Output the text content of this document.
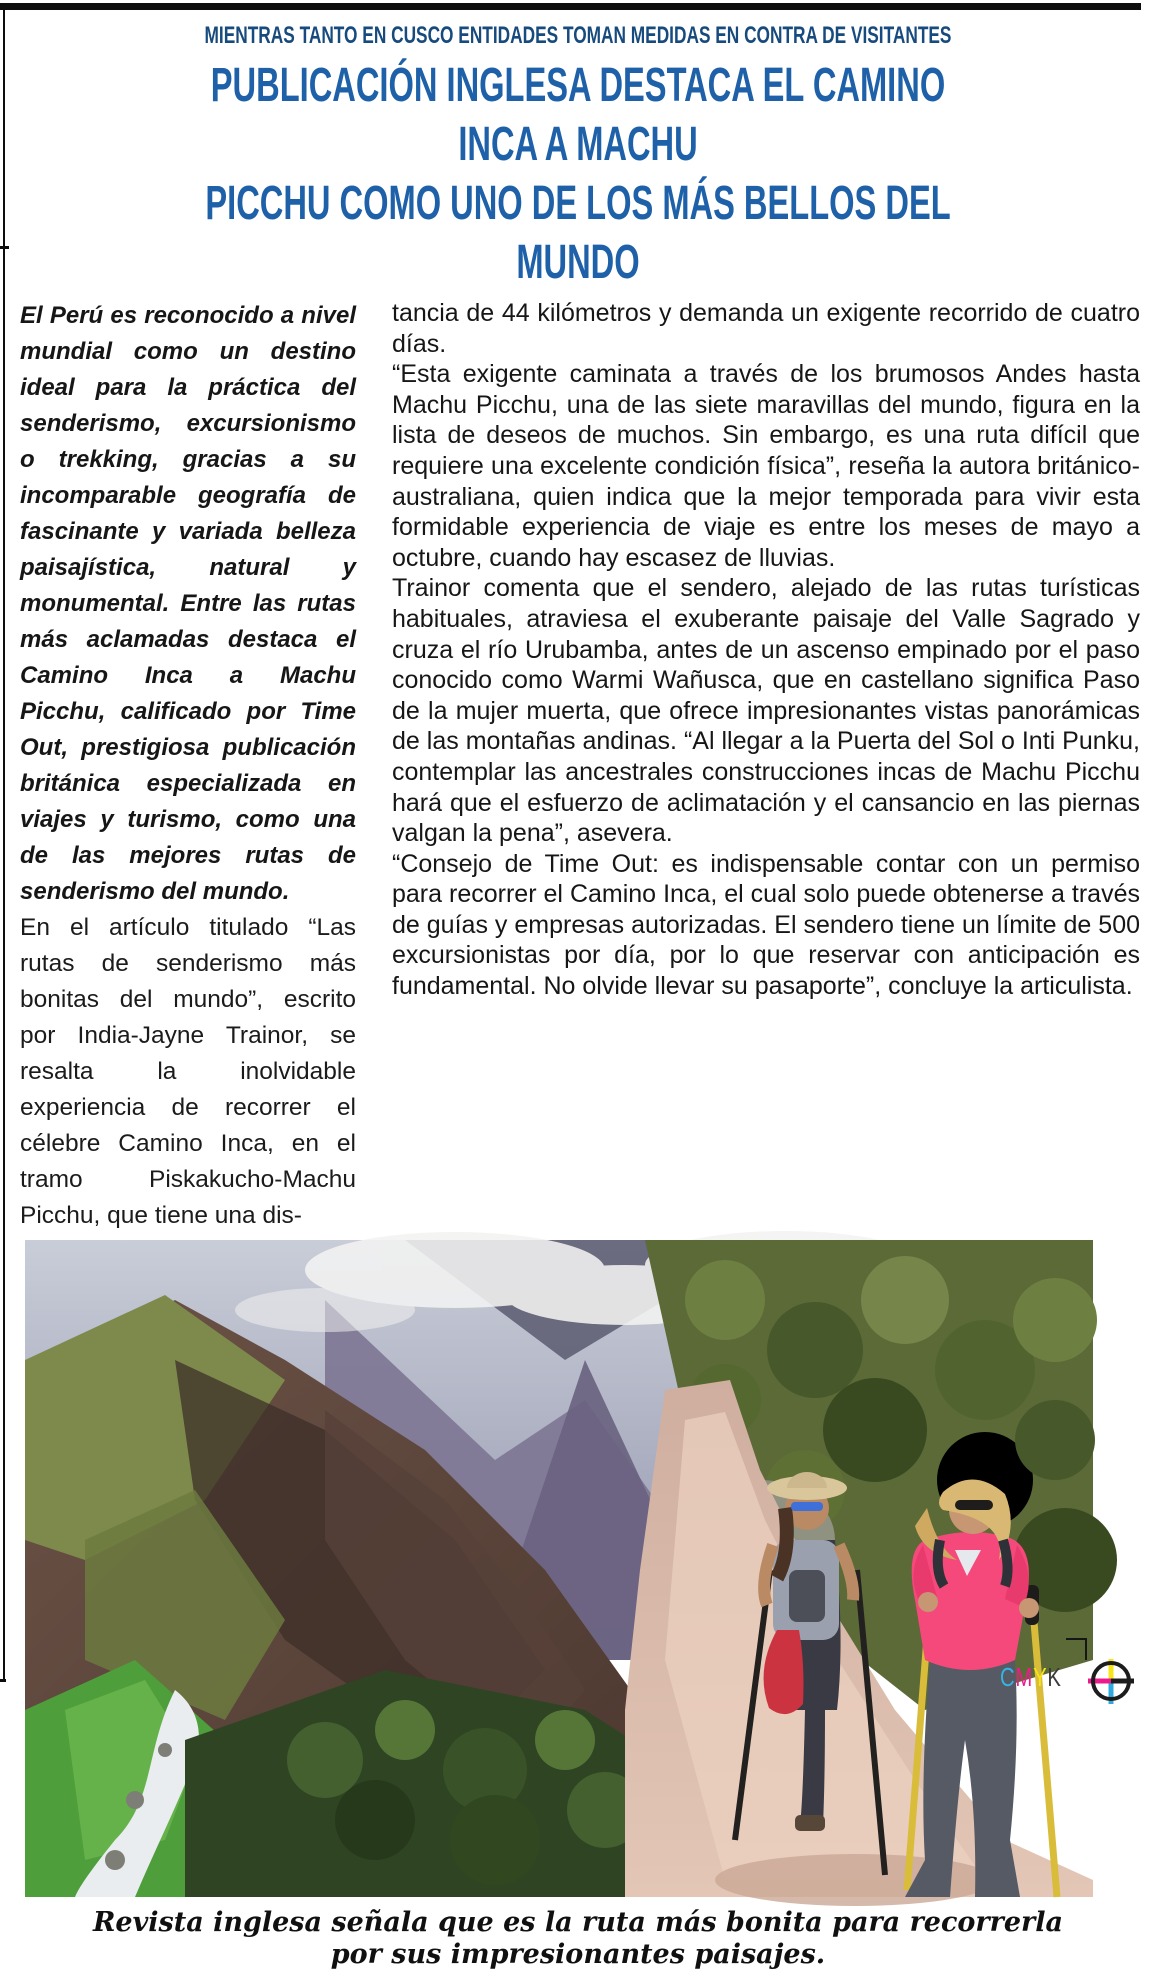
MIENTRAS TANTO EN CUSCO ENTIDADES TOMAN MEDIDAS EN CONTRA DE VISITANTES
PUBLICACIÓN INGLESA DESTACA EL CAMINO INCA A MACHU
PICCHU COMO UNO DE LOS MÁS BELLOS DEL MUNDO

El Perú es reconocido a nivel mundial como un destino ideal para la práctica del senderismo, excursionismo o trekking, gracias a su incomparable geografía de fascinante y variada belleza paisajística, natural y monumental. Entre las rutas más aclamadas destaca el Camino Inca a Machu Picchu, calificado por Time Out, prestigiosa publicación británica especializada en viajes y turismo, como una de las mejores rutas de senderismo del mundo.

En el artículo titulado “Las rutas de senderismo más bonitas del mundo”, escrito por India-Jayne Trainor, se resalta la inolvidable experiencia de recorrer el célebre Camino Inca, en el tramo Piskakucho-Machu Picchu, que tiene una dis-

tancia de 44 kilómetros y demanda un exigente recorrido de cuatro días.

“Esta exigente caminata a través de los brumosos Andes hasta Machu Picchu, una de las siete maravillas del mundo, figura en la lista de deseos de muchos. Sin embargo, es una ruta difícil que requiere una excelente condición física”, reseña la autora británico-australiana, quien indica que la mejor temporada para vivir esta formidable experiencia de viaje es entre los meses de mayo a octubre, cuando hay escasez de lluvias.

Trainor comenta que el sendero, alejado de las rutas turísticas habituales, atraviesa el exuberante paisaje del Valle Sagrado y cruza el río Urubamba, antes de un ascenso empinado por el paso conocido como Warmi Wañusca, que en castellano significa Paso de la mujer muerta, que ofrece impresionantes vistas panorámicas de las montañas andinas. “Al llegar a la Puerta del Sol o Inti Punku, contemplar las ancestrales construcciones incas de Machu Picchu hará que el esfuerzo de aclimatación y el cansancio en las piernas valgan la pena”, asevera.

“Consejo de Time Out: es indispensable contar con un permiso para recorrer el Camino Inca, el cual solo puede obtenerse a través de guías y empresas autorizadas. El sendero tiene un límite de 500 excursionistas por día, por lo que reservar con anticipación es fundamental. No olvide llevar su pasaporte”, concluye la articulista.

Revista inglesa señala que es la ruta más bonita para recorrerla por sus impresionantes paisajes.
CMYK
